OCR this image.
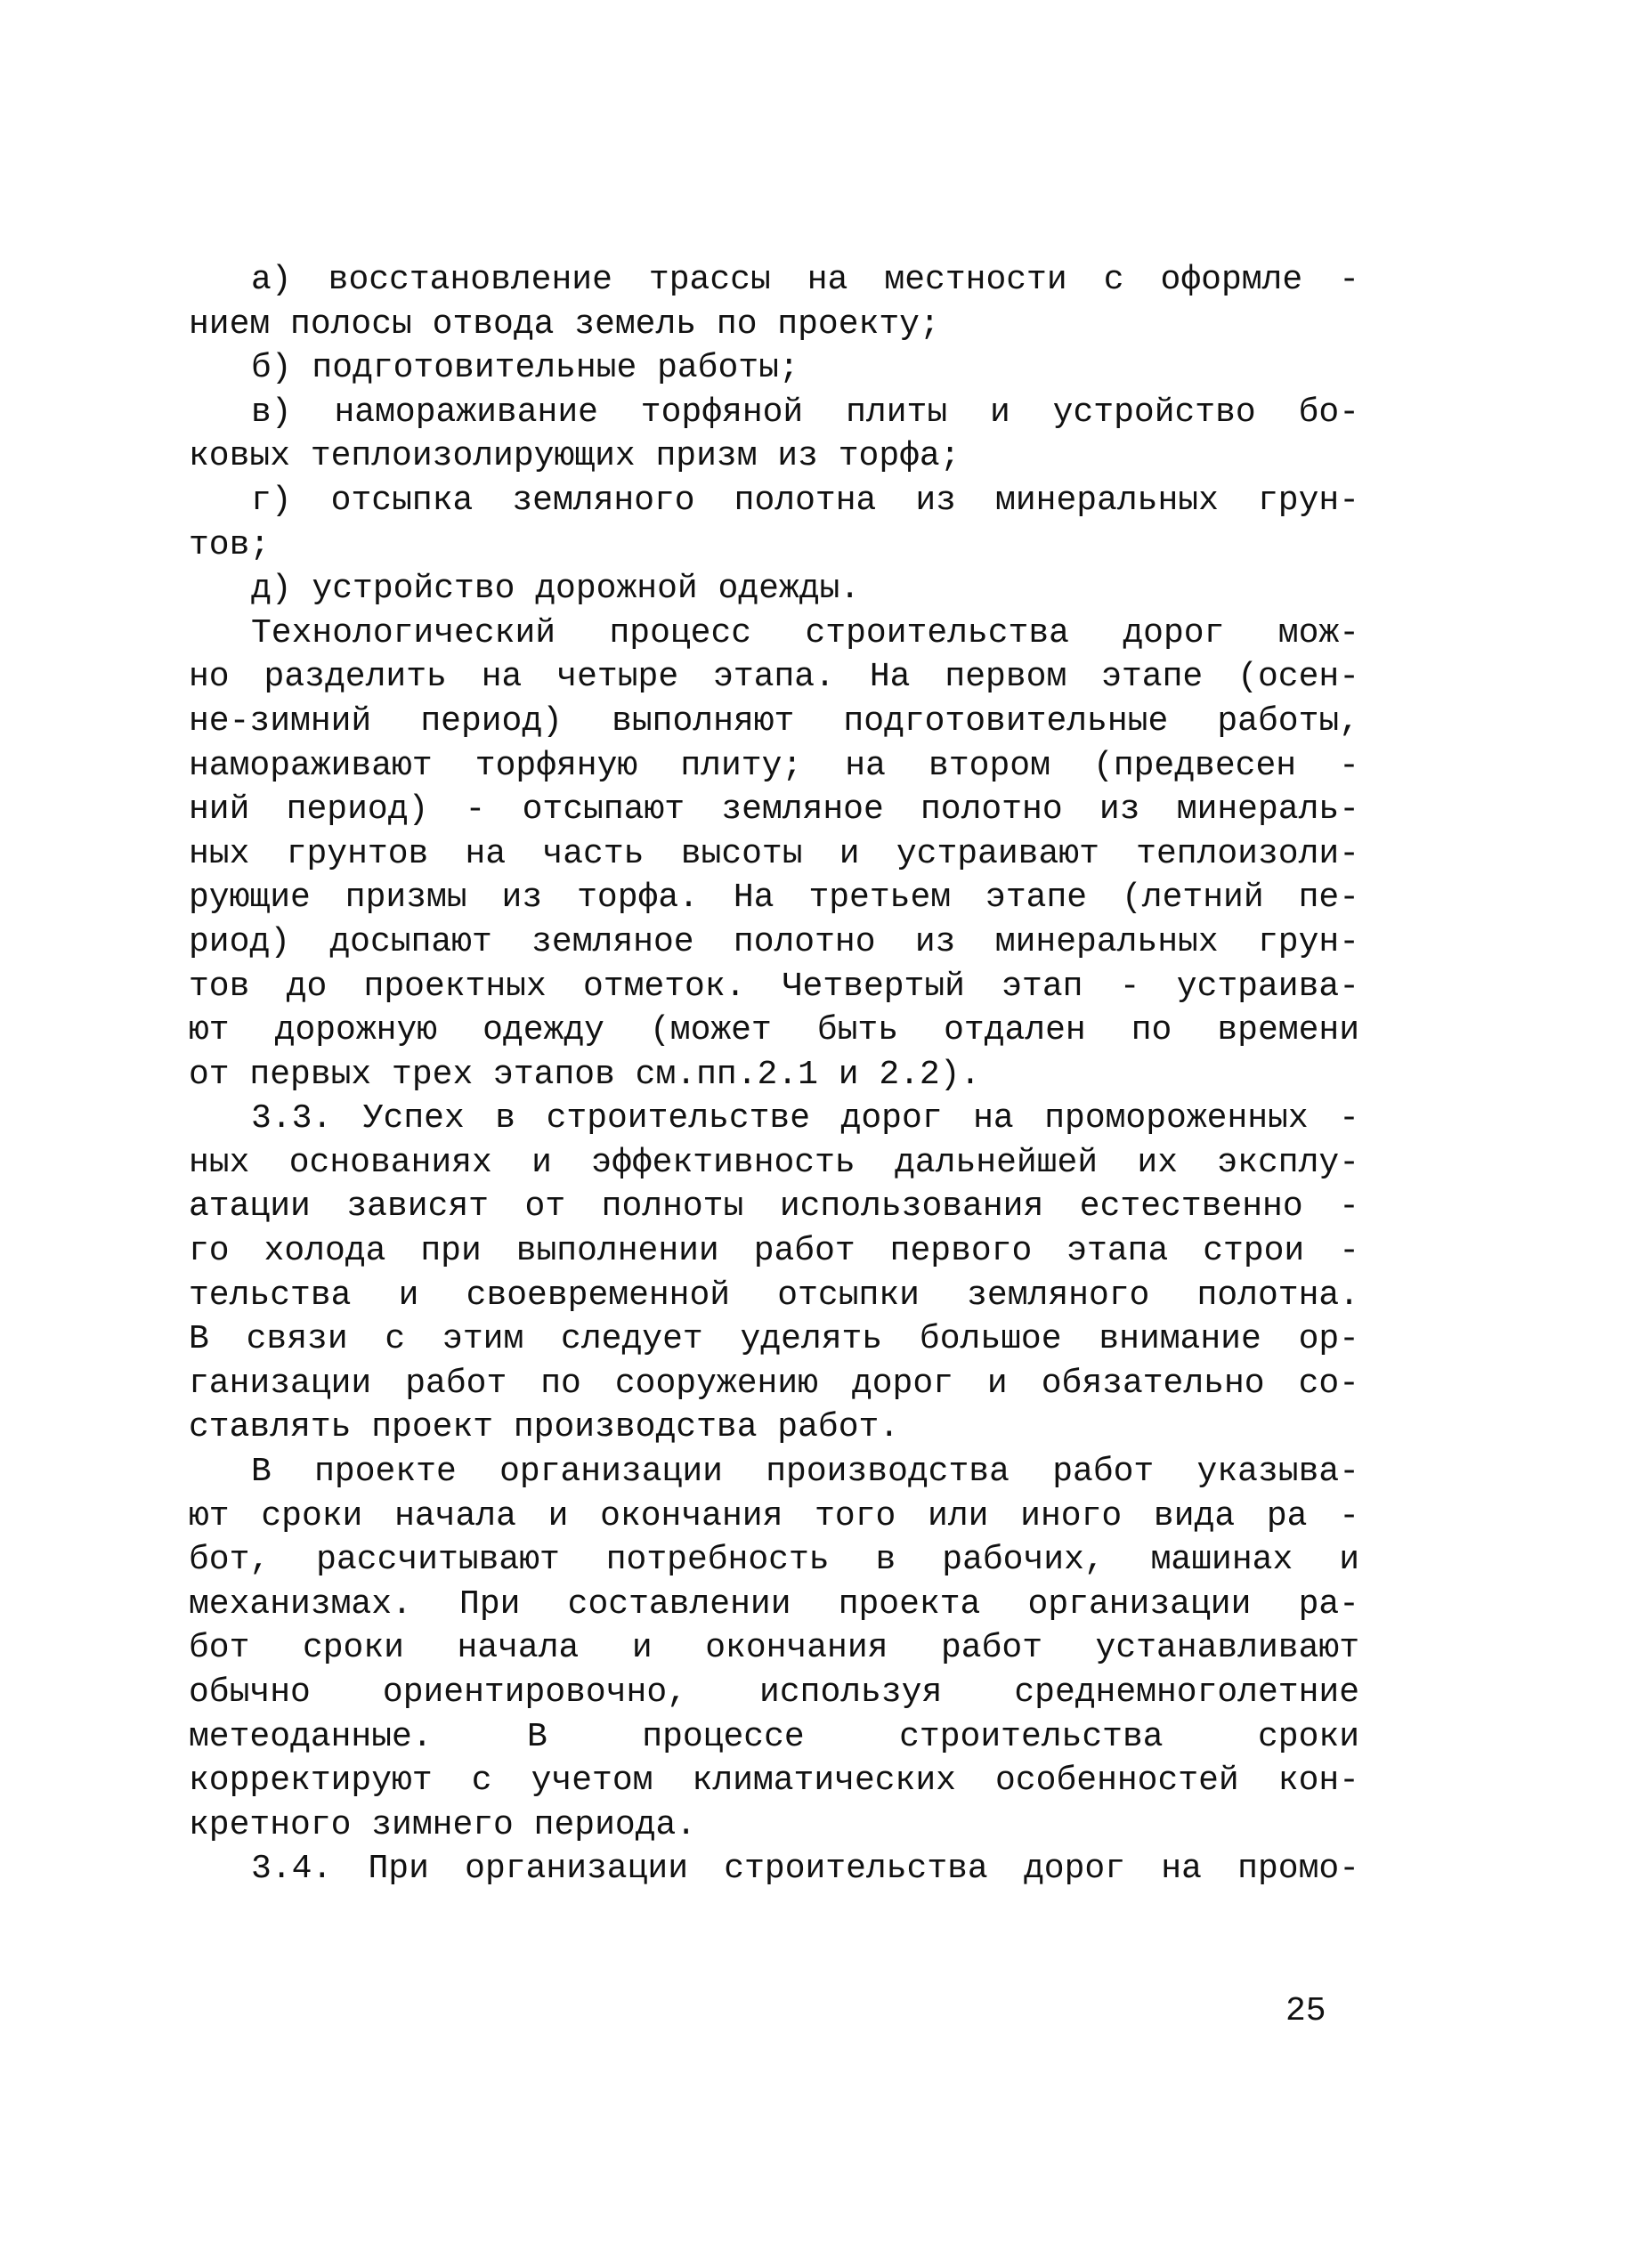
а) восстановление трассы на местности с оформле -
нием полосы отвода земель по проекту;

б) подготовительные работы;

в) намораживание торфяной плиты и устройство бо-
ковых теплоизолирующих призм из торфа;

г) отсыпка земляного полотна из минеральных грун-
тов;

д) устройство дорожной одежды.

Технологический процесс строительства дорог мож-
но разделить на четыре этапа. На первом этапе (осен-
не-зимний период) выполняют подготовительные работы,
намораживают торфяную плиту; на втором (предвесен -
ний период) - отсыпают земляное полотно из минераль-
ных грунтов на часть высоты и устраивают теплоизоли-
рующие призмы из торфа. На третьем этапе (летний пе-
риод) досыпают земляное полотно из минеральных грун-
тов до проектных отметок. Четвертый этап - устраива-
ют дорожную одежду (может быть отдален по времени
от первых трех этапов см.пп.2.1 и 2.2).

3.3. Успех в строительстве дорог на промороженных -
ных основаниях и эффективность дальнейшей их эксплу-
атации зависят от полноты использования естественно -
го холода при выполнении работ первого этапа строи -
тельства и своевременной отсыпки земляного полотна.
В связи с этим следует уделять большое внимание ор-
ганизации работ по сооружению дорог и обязательно со-
ставлять проект производства работ.

В проекте организации производства работ указыва-
ют сроки начала и окончания того или иного вида ра -
бот, рассчитывают потребность в рабочих, машинах и
механизмах. При составлении проекта организации ра-
бот сроки начала и окончания работ устанавливают
обычно ориентировочно, используя среднемноголетние
метеоданные. В процессе строительства сроки
корректируют с учетом климатических особенностей кон-
кретного зимнего периода.

3.4. При организации строительства дорог на промо-

25
